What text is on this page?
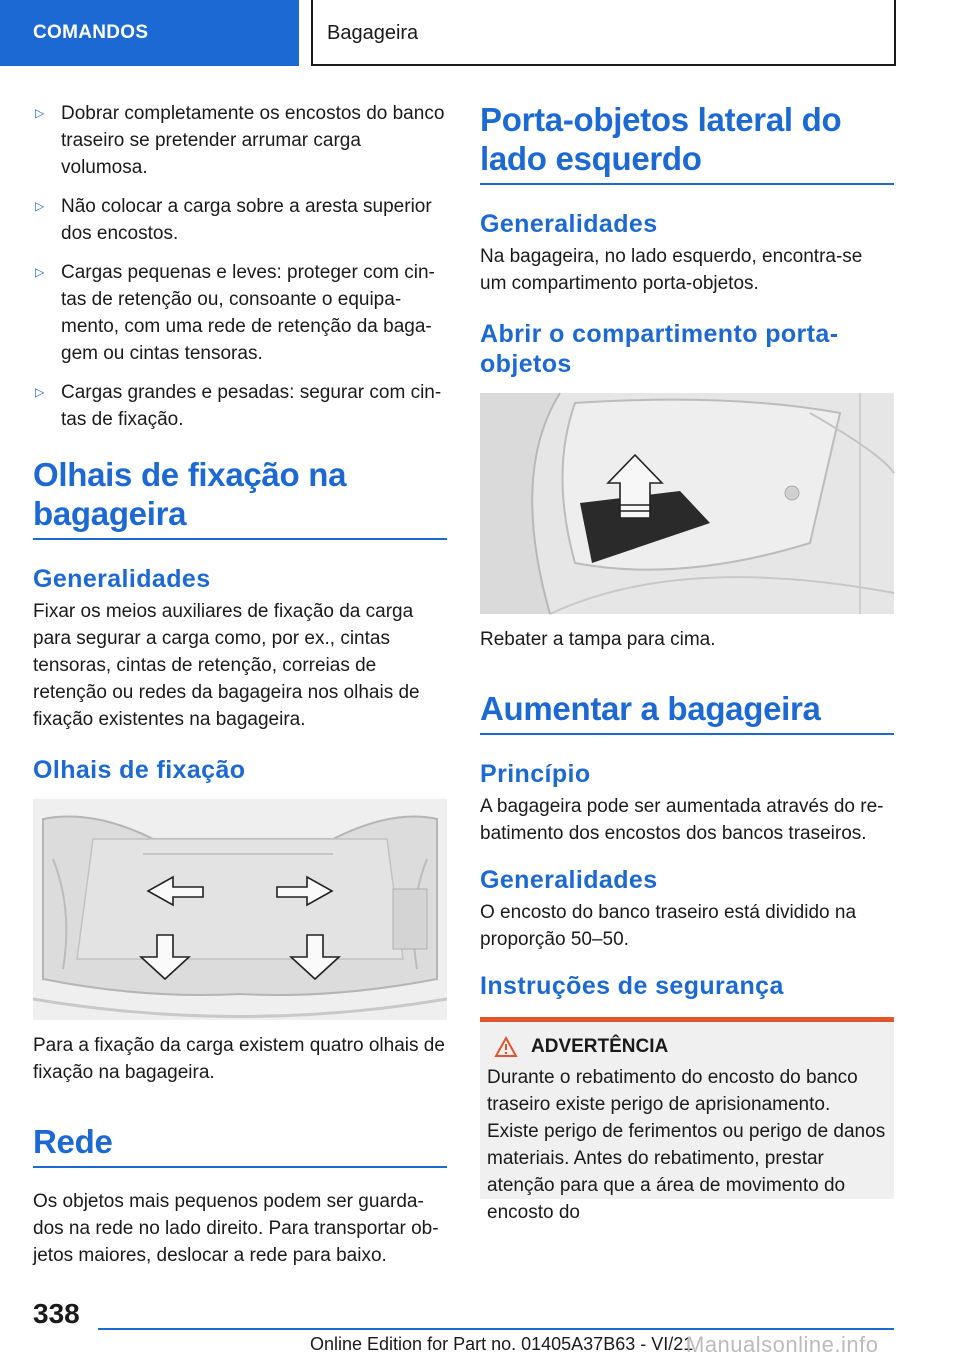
COMANDOS	Bagageira
▷ Dobrar completamente os encostos do banco traseiro se pretender arrumar carga volumosa.
▷ Não colocar a carga sobre a aresta superior dos encostos.
▷ Cargas pequenas e leves: proteger com cintas de retenção ou, consoante o equipamento, com uma rede de retenção da bagagem ou cintas tensoras.
▷ Cargas grandes e pesadas: segurar com cintas de fixação.
Olhais de fixação na bagageira
Generalidades

Fixar os meios auxiliares de fixação da carga para segurar a carga como, por ex., cintas tensoras, cintas de retenção, correias de retenção ou redes da bagageira nos olhais de fixação existentes na bagageira.

Olhais de fixação

Para a fixação da carga existem quatro olhais de fixação na bagageira.

Rede

Os objetos mais pequenos podem ser guardados na rede no lado direito. Para transportar objetos maiores, deslocar a rede para baixo.

Porta-objetos lateral do lado esquerdo
Generalidades

Na bagageira, no lado esquerdo, encontra-se um compartimento porta-objetos.

Abrir o compartimento porta-objetos

Rebater a tampa para cima.

Aumentar a bagageira
Princípio

A bagageira pode ser aumentada através do rebatimento dos encostos dos bancos traseiros.

Generalidades

O encosto do banco traseiro está dividido na proporção 50–50.

Instruções de segurança
ADVERTÊNCIA

Durante o rebatimento do encosto do banco traseiro existe perigo de aprisionamento. Existe perigo de ferimentos ou perigo de danos materiais. Antes do rebatimento, prestar atenção para que a área de movimento do encosto do

338
Online Edition for Part no. 01405A37B63 - VI/21
Manualsonline.info
